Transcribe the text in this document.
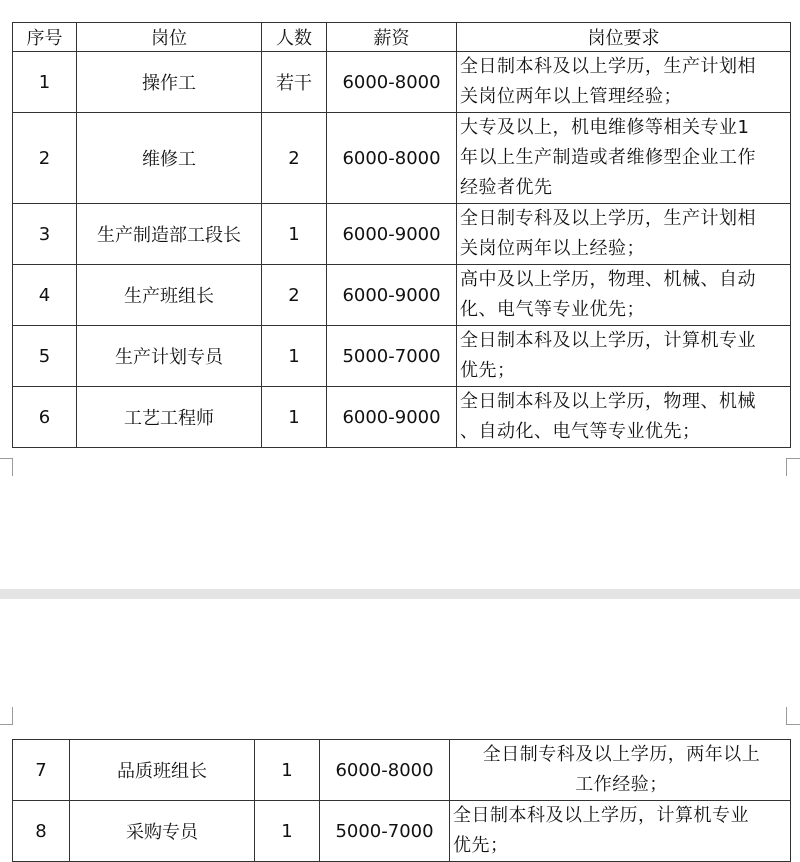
序号	岗位	人数	薪资	岗位要求
1	操作工	若干	6000-8000	全日制本科及以上学历，生产计划相
关岗位两年以上管理经验；

2	维修工	2	6000-8000	大专及以上，机电维修等相关专业1
年以上生产制造或者维修型企业工作
经验者优先

3	生产制造部工段长	1	6000-9000	全日制专科及以上学历，生产计划相
关岗位两年以上经验；

4	生产班组长	2	6000-9000	高中及以上学历，物理、机械、自动
化、电气等专业优先；

5	生产计划专员	1	5000-7000	全日制本科及以上学历，计算机专业
优先；

6	工艺工程师	1	6000-9000	全日制本科及以上学历，物理、机械
、自动化、电气等专业优先；
7	品质班组长	1	6000-8000	全日制专科及以上学历，两年以上
工作经验；

8	采购专员	1	5000-7000	全日制本科及以上学历，计算机专业
优先；
